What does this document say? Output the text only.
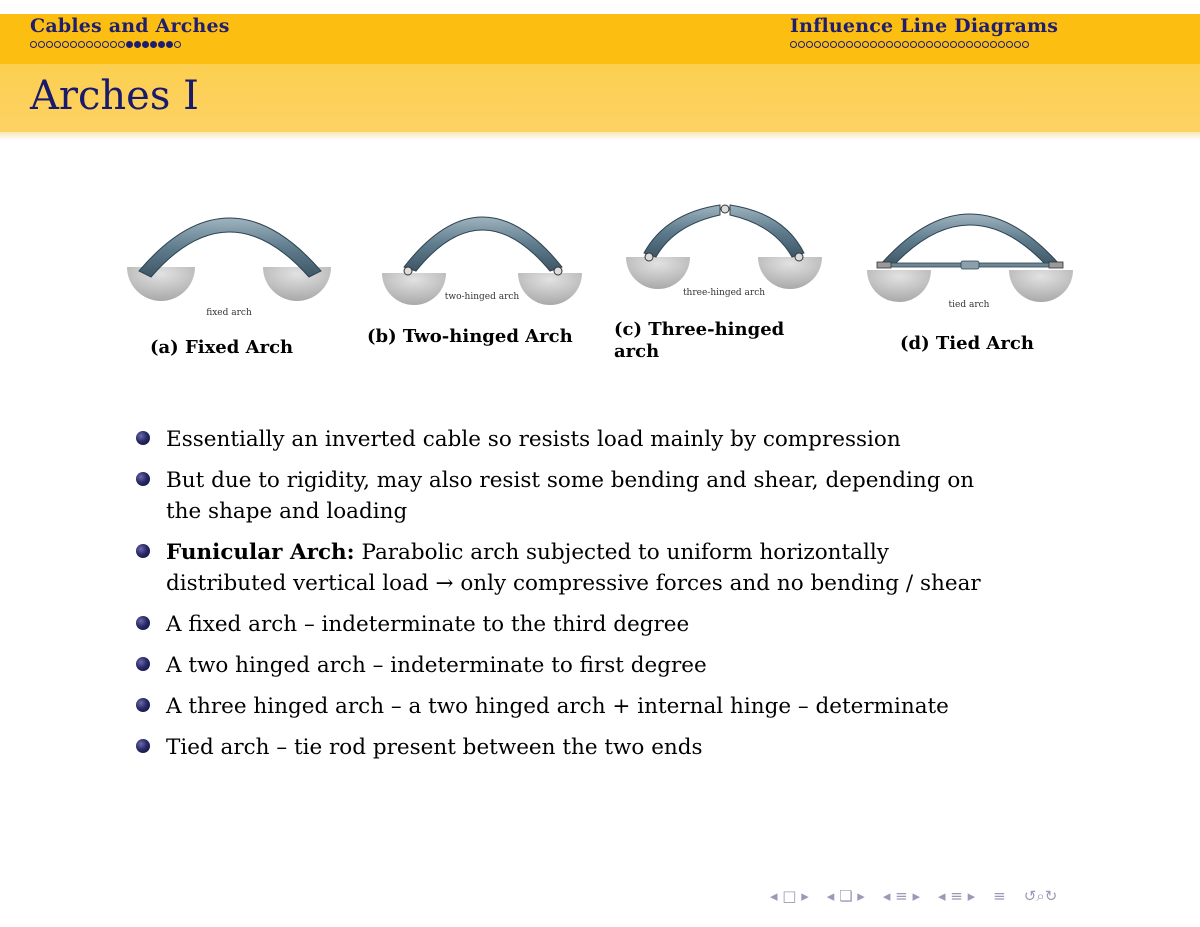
Cables and Arches	Influence Line Diagrams
Arches I
fixed arch
(a) Fixed Arch
two-hinged arch
(b) Two-hinged Arch
three-hinged arch
(c) Three-hinged
arch
tied arch
(d) Tied Arch
Essentially an inverted cable so resists load mainly by compression
But due to rigidity, may also resist some bending and shear, depending on
the shape and loading
Funicular Arch: Parabolic arch subjected to uniform horizontally
distributed vertical load → only compressive forces and no bending / shear
A fixed arch – indeterminate to the third degree
A two hinged arch – indeterminate to first degree
A three hinged arch – a two hinged arch + internal hinge – determinate
Tied arch – tie rod present between the two ends
◂ □ ▸ ◂ ❏ ▸ ◂ ≡ ▸ ◂ ≡ ▸ ≡ ↺⌕↻
